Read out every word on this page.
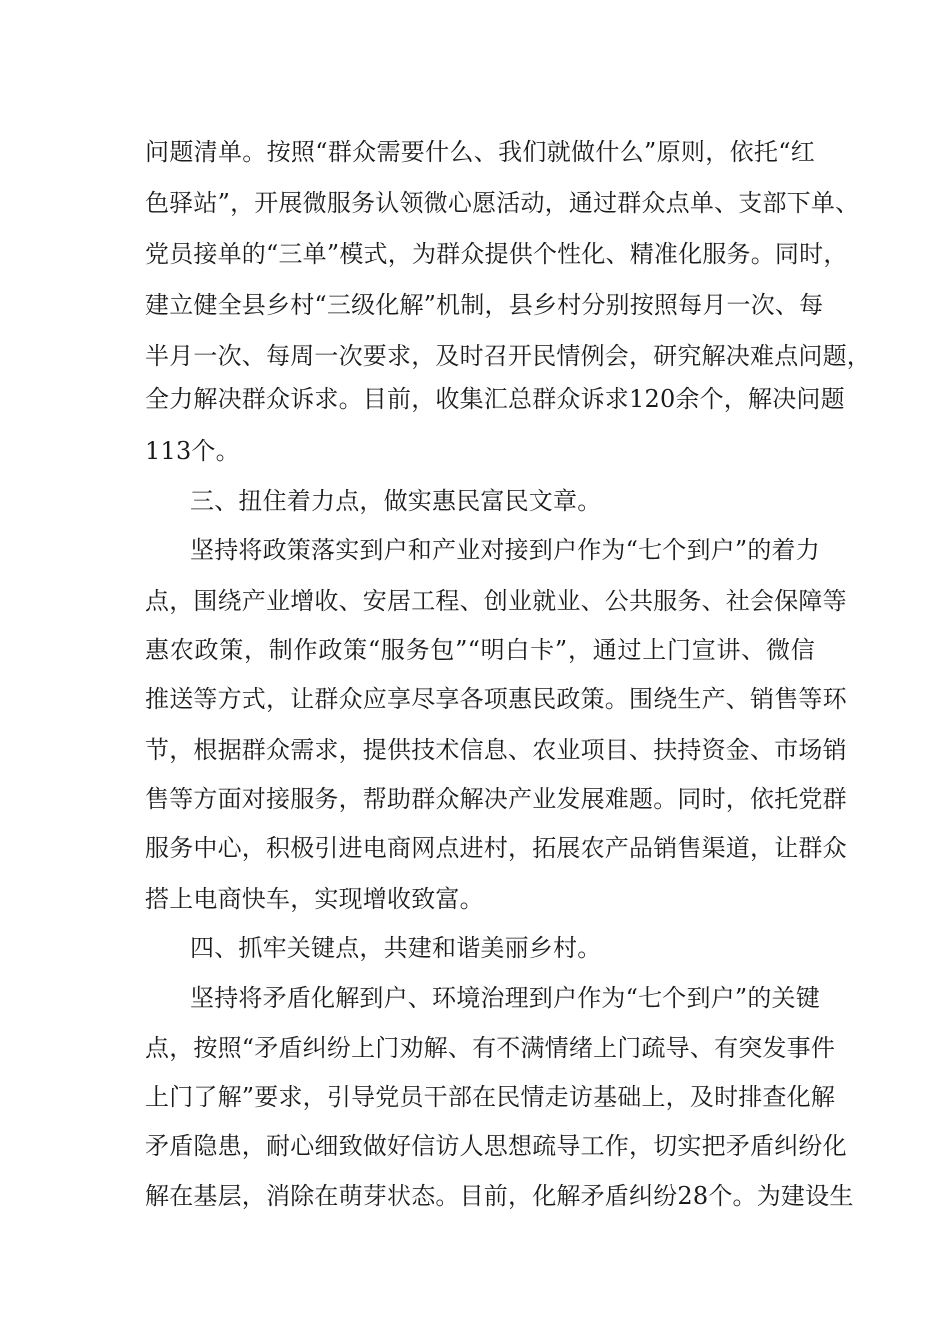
问题清单。按照“群众需要什么、我们就做什么”原则，依托“红
色驿站”，开展微服务认领微心愿活动，通过群众点单、支部下单、
党员接单的“三单”模式，为群众提供个性化、精准化服务。同时，
建立健全县乡村“三级化解”机制，县乡村分别按照每月一次、每
半月一次、每周一次要求，及时召开民情例会，研究解决难点问题，
全力解决群众诉求。目前，收集汇总群众诉求120余个，解决问题
113个。
三、扭住着力点，做实惠民富民文章。
坚持将政策落实到户和产业对接到户作为“七个到户”的着力
点，围绕产业增收、安居工程、创业就业、公共服务、社会保障等
惠农政策，制作政策“服务包”“明白卡”，通过上门宣讲、微信
推送等方式，让群众应享尽享各项惠民政策。围绕生产、销售等环
节，根据群众需求，提供技术信息、农业项目、扶持资金、市场销
售等方面对接服务，帮助群众解决产业发展难题。同时，依托党群
服务中心，积极引进电商网点进村，拓展农产品销售渠道，让群众
搭上电商快车，实现增收致富。
四、抓牢关键点，共建和谐美丽乡村。
坚持将矛盾化解到户、环境治理到户作为“七个到户”的关键
点，按照“矛盾纠纷上门劝解、有不满情绪上门疏导、有突发事件
上门了解”要求，引导党员干部在民情走访基础上，及时排查化解
矛盾隐患，耐心细致做好信访人思想疏导工作，切实把矛盾纠纷化
解在基层，消除在萌芽状态。目前，化解矛盾纠纷28个。为建设生
